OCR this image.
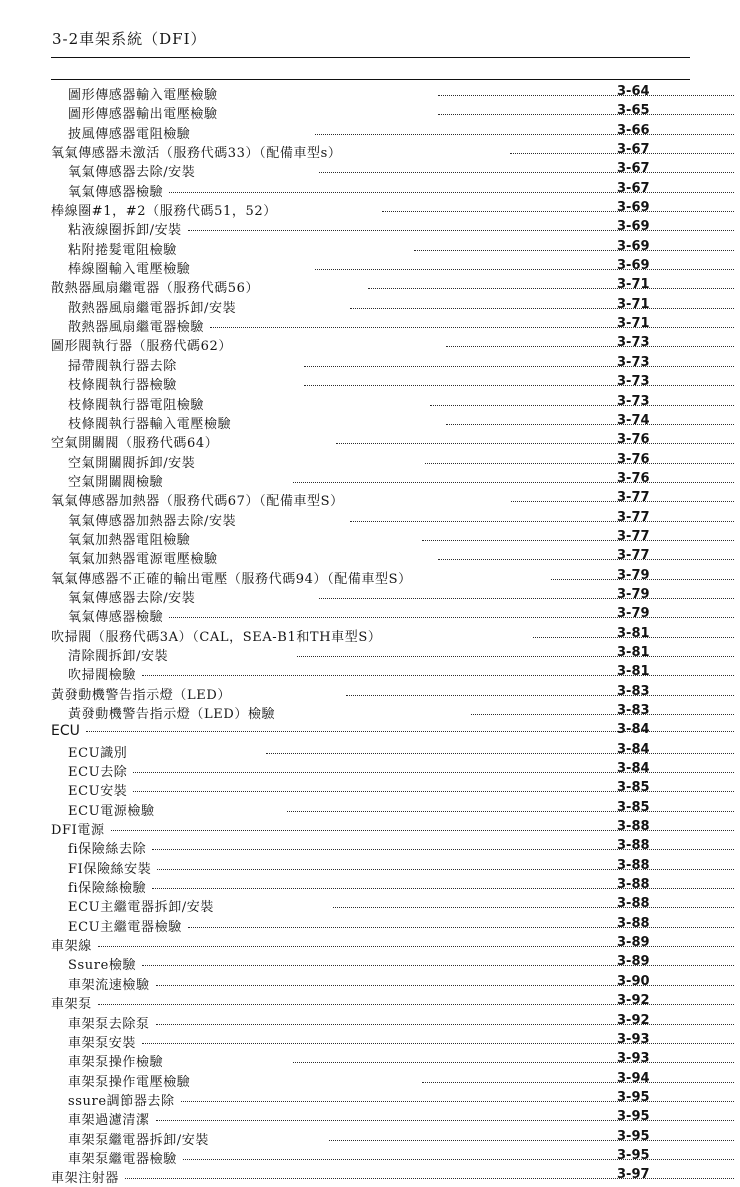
3-2車架系統（DFI）
圖形傳感器輸入電壓檢驗	3-64
圖形傳感器輸出電壓檢驗	3-65
披風傳感器電阻檢驗	3-66
氧氣傳感器未激活（服務代碼33）（配備車型s）	3-67
氧氣傳感器去除/安裝	3-67
氧氣傳感器檢驗	3-67
棒線圈#1，#2（服務代碼51，52）	3-69
粘液線圈拆卸/安裝	3-69
粘附捲髮電阻檢驗	3-69
棒線圈輸入電壓檢驗	3-69
散熱器風扇繼電器（服務代碼56）	3-71
散熱器風扇繼電器拆卸/安裝	3-71
散熱器風扇繼電器檢驗	3-71
圖形閥執行器（服務代碼62）	3-73
掃帶閥執行器去除	3-73
枝條閥執行器檢驗	3-73
枝條閥執行器電阻檢驗	3-73
枝條閥執行器輸入電壓檢驗	3-74
空氣開關閥（服務代碼64）	3-76
空氣開關閥拆卸/安裝	3-76
空氣開關閥檢驗	3-76
氧氣傳感器加熱器（服務代碼67）（配備車型S）	3-77
氧氣傳感器加熱器去除/安裝	3-77
氧氣加熱器電阻檢驗	3-77
氧氣加熱器電源電壓檢驗	3-77
氧氣傳感器不正確的輸出電壓（服務代碼94）（配備車型S）	3-79
氧氣傳感器去除/安裝	3-79
氧氣傳感器檢驗	3-79
吹掃閥（服務代碼3A）（CAL，SEA-B1和TH車型S）	3-81
清除閥拆卸/安裝	3-81
吹掃閥檢驗	3-81
黃發動機警告指示燈（LED）	3-83
黃發動機警告指示燈（LED）檢驗	3-83
ECU	3-84
ECU識別	3-84
ECU去除	3-84
ECU安裝	3-85
ECU電源檢驗	3-85
DFI電源	3-88
fi保險絲去除	3-88
FI保險絲安裝	3-88
fi保險絲檢驗	3-88
ECU主繼電器拆卸/安裝	3-88
ECU主繼電器檢驗	3-88
車架線	3-89
Ssure檢驗	3-89
車架流速檢驗	3-90
車架泵	3-92
車架泵去除泵	3-92
車架泵安裝	3-93
車架泵操作檢驗	3-93
車架泵操作電壓檢驗	3-94
ssure調節器去除	3-95
車架過濾清潔	3-95
車架泵繼電器拆卸/安裝	3-95
車架泵繼電器檢驗	3-95
車架注射器	3-97
